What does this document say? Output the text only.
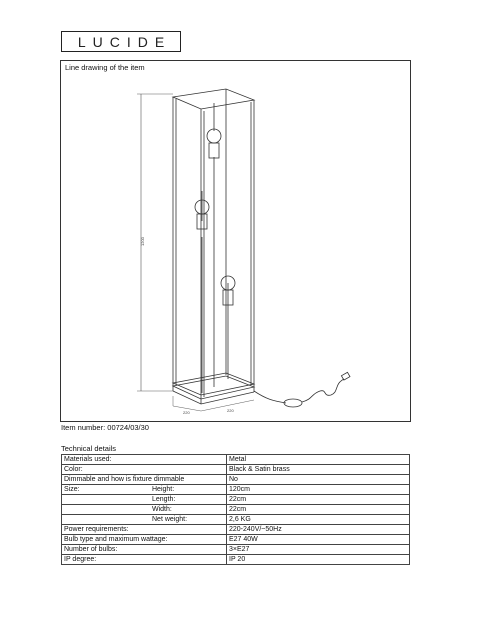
LUCIDE
Line drawing of the item
1200
220	220
Item number: 00724/03/30
Technical details
Materials used:	Metal
Color:	Black & Satin brass
Dimmable and how is fixture dimmable	No
Size: Height:	120cm
Length:	22cm
Width:	22cm
Net weight:	2,6 KG
Power requirements:	220-240V/~50Hz
Bulb type and maximum wattage:	E27 40W
Number of bulbs:	3×E27
IP degree:	IP 20
